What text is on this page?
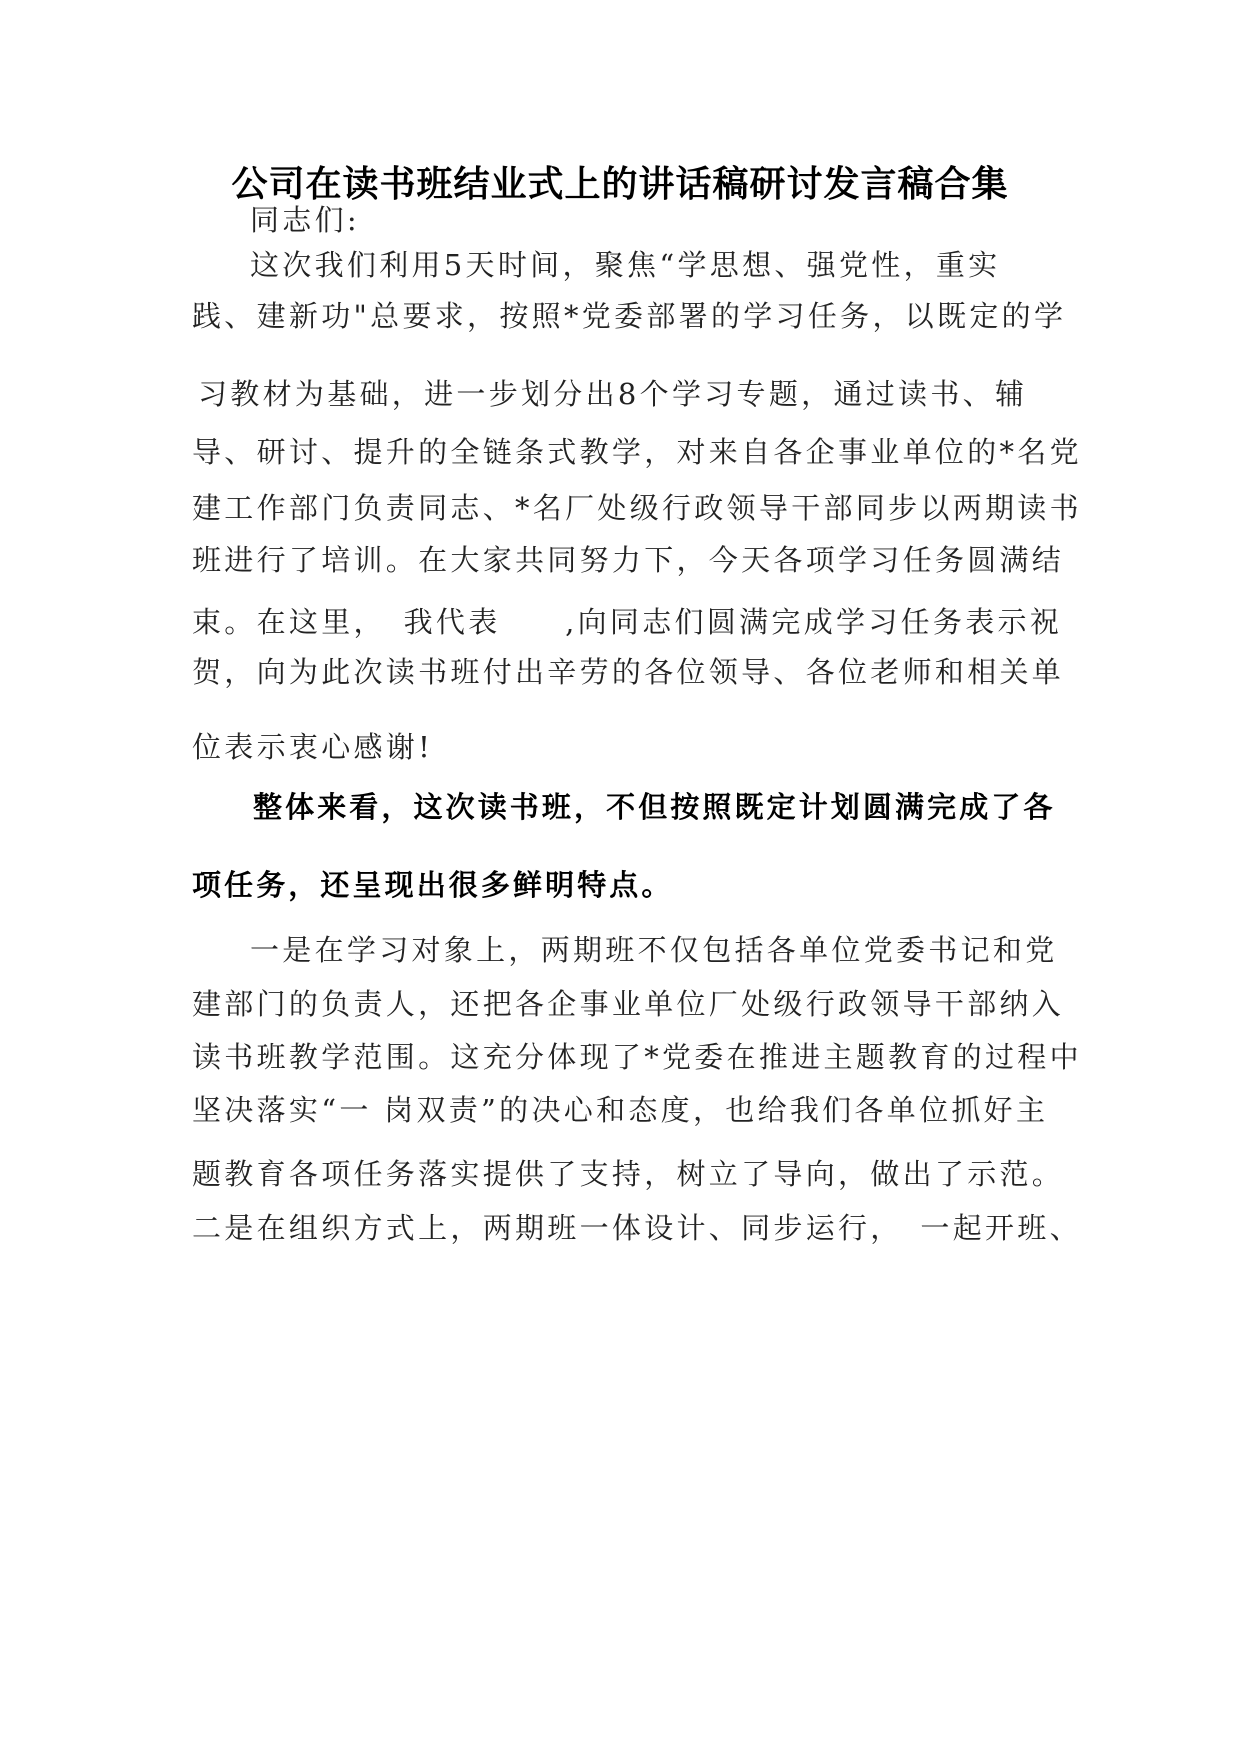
公司在读书班结业式上的讲话稿研讨发言稿合集
同志们:
这次我们利用5天时间，聚焦“学思想、强党性，重实
践、建新功"总要求，按照*党委部署的学习任务，以既定的学
习教材为基础，进一步划分出8个学习专题，通过读书、辅
导、研讨、提升的全链条式教学，对来自各企事业单位的*名党
建工作部门负责同志、*名厂处级行政领导干部同步以两期读书
班进行了培训。在大家共同努力下，今天各项学习任务圆满结
束。在这里，　我代表　　,向同志们圆满完成学习任务表示祝
贺，向为此次读书班付出辛劳的各位领导、各位老师和相关单
位表示衷心感谢!
整体来看，这次读书班，不但按照既定计划圆满完成了各
项任务，还呈现出很多鲜明特点。
一是在学习对象上，两期班不仅包括各单位党委书记和党
建部门的负责人，还把各企事业单位厂处级行政领导干部纳入
读书班教学范围。这充分体现了*党委在推进主题教育的过程中
坚决落实“一 岗双责”的决心和态度，也给我们各单位抓好主
题教育各项任务落实提供了支持，树立了导向，做出了示范。
二是在组织方式上，两期班一体设计、同步运行，　一起开班、
